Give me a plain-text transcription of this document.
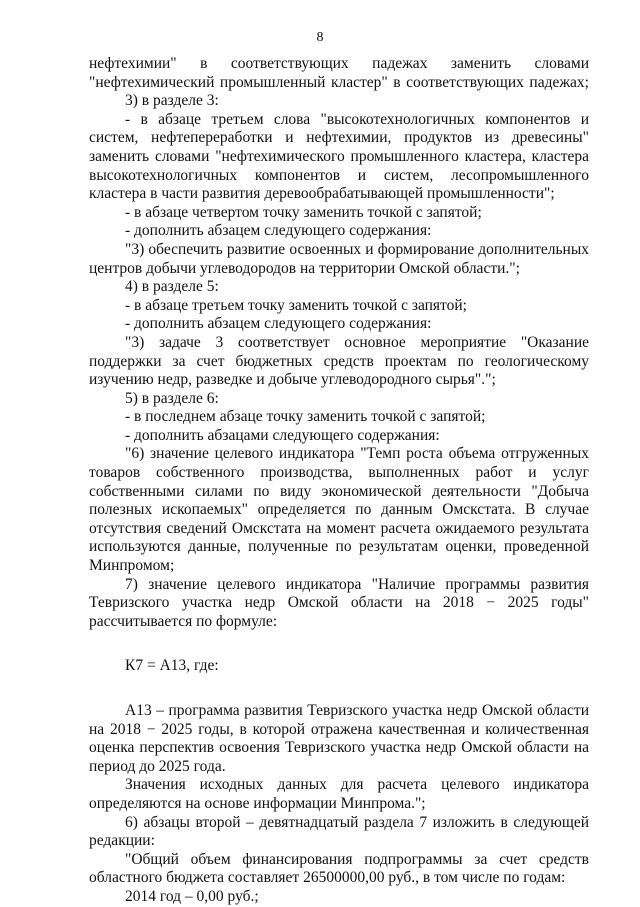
8

нефтехимии" в соответствующих падежах заменить словами "нефтехимический промышленный кластер" в соответствующих падежах;

3) в разделе 3:

- в абзаце третьем слова "высокотехнологичных компонентов и систем, нефтепереработки и нефтехимии, продуктов из древесины" заменить словами "нефтехимического промышленного кластера, кластера высокотехнологичных компонентов и систем, лесопромышленного кластера в части развития деревообрабатывающей промышленности";

- в абзаце четвертом точку заменить точкой с запятой;

- дополнить абзацем следующего содержания:

"3) обеспечить развитие освоенных и формирование дополнительных центров добычи углеводородов на территории Омской области.";

4) в разделе 5:

- в абзаце третьем точку заменить точкой с запятой;

- дополнить абзацем следующего содержания:

"3) задаче 3 соответствует основное мероприятие "Оказание поддержки за счет бюджетных средств проектам по геологическому изучению недр, разведке и добыче углеводородного сырья".";

5) в разделе 6:

- в последнем абзаце точку заменить точкой с запятой;

- дополнить абзацами следующего содержания:

"6) значение целевого индикатора "Темп роста объема отгруженных товаров собственного производства, выполненных работ и услуг собственными силами по виду экономической деятельности "Добыча полезных ископаемых" определяется по данным Омскстата. В случае отсутствия сведений Омскстата на момент расчета ожидаемого результата используются данные, полученные по результатам оценки, проведенной Минпромом;

7) значение целевого индикатора "Наличие программы развития Тевризского участка недр Омской области на 2018 − 2025 годы" рассчитывается по формуле:

К7 = А13, где:

А13 – программа развития Тевризского участка недр Омской области на 2018 − 2025 годы, в которой отражена качественная и количественная оценка перспектив освоения Тевризского участка недр Омской области на период до 2025 года.

Значения исходных данных для расчета целевого индикатора определяются на основе информации Минпрома.";

6) абзацы второй – девятнадцатый раздела 7 изложить в следующей редакции:

"Общий объем финансирования подпрограммы за счет средств областного бюджета составляет 26500000,00 руб., в том числе по годам:

2014 год – 0,00 руб.;
